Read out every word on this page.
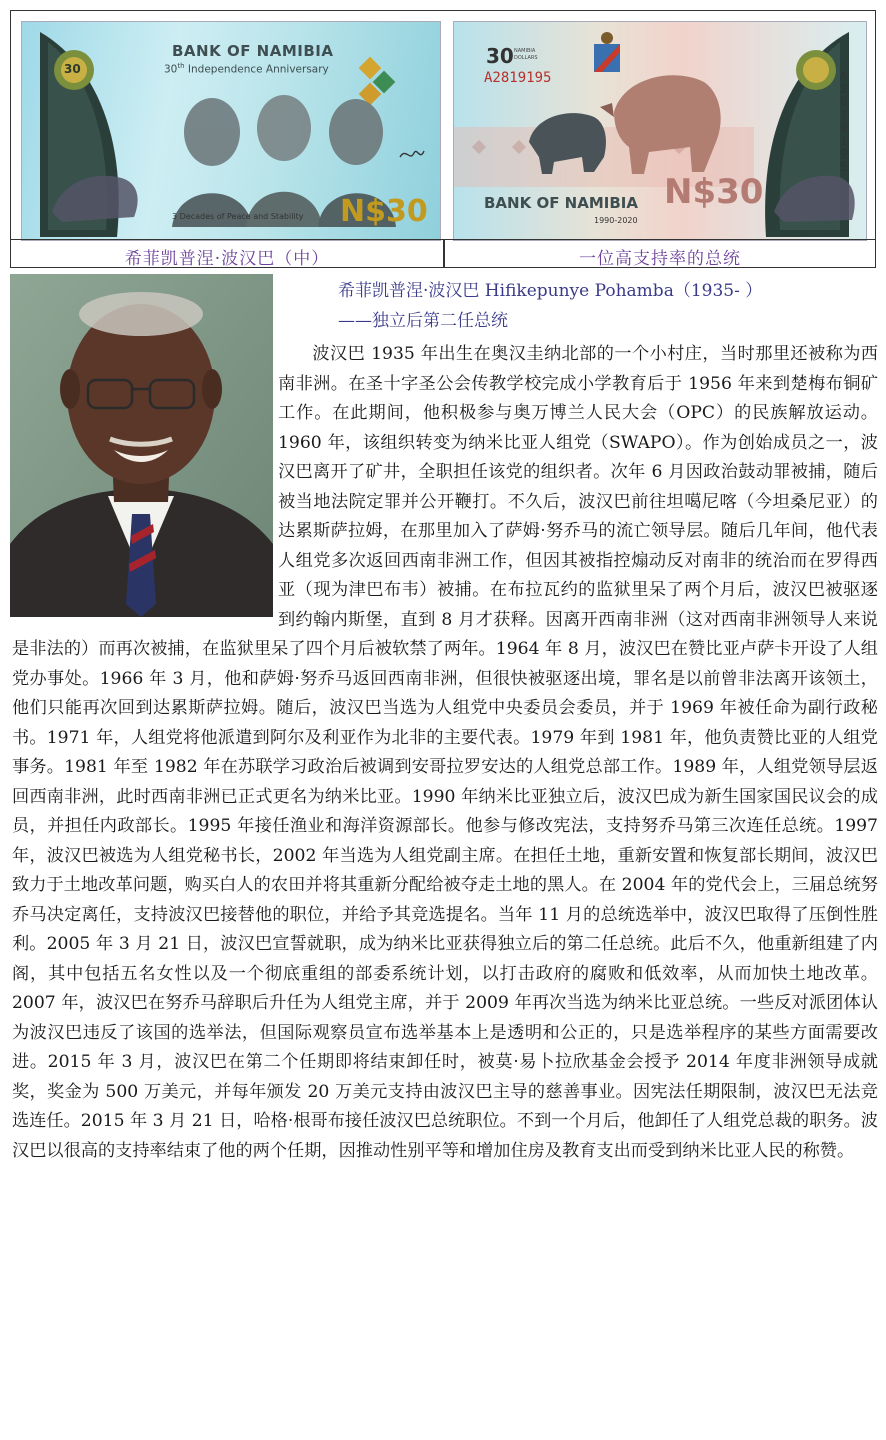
BANK OF NAMIBIA
30th Independence Anniversary
3 Decades of Peace and Stability N$30
30
30 NAMIBIA DOLLARS
A2819195	A2819195
BANK OF NAMIBIA
1990-2020
N$30
希菲凯普涅·波汉巴（中）	一位高支持率的总统
希菲凯普涅·波汉巴 Hifikepunye Pohamba（1935- ）
——独立后第二任总统

波汉巴 1935 年出生在奥汉圭纳北部的一个小村庄，当时那里还被称为西南非洲。在圣十字圣公会传教学校完成小学教育后于 1956 年来到楚梅布铜矿工作。在此期间，他积极参与奥万博兰人民大会（OPC）的民族解放运动。1960 年，该组织转变为纳米比亚人组党（SWAPO）。作为创始成员之一，波汉巴离开了矿井，全职担任该党的组织者。次年 6 月因政治鼓动罪被捕，随后被当地法院定罪并公开鞭打。不久后，波汉巴前往坦噶尼喀（今坦桑尼亚）的达累斯萨拉姆，在那里加入了萨姆·努乔马的流亡领导层。随后几年间，他代表人组党多次返回西南非洲工作，但因其被指控煽动反对南非的统治而在罗得西亚（现为津巴布韦）被捕。在布拉瓦约的监狱里呆了两个月后，波汉巴被驱逐到约翰内斯堡，直到 8 月才获释。因离开西南非洲（这对西南非洲领导人来说是非法的）而再次被捕，在监狱里呆了四个月后被软禁了两年。1964 年 8 月，波汉巴在赞比亚卢萨卡开设了人组党办事处。1966 年 3 月，他和萨姆·努乔马返回西南非洲，但很快被驱逐出境，罪名是以前曾非法离开该领土，他们只能再次回到达累斯萨拉姆。随后，波汉巴当选为人组党中央委员会委员，并于 1969 年被任命为副行政秘书。1971 年，人组党将他派遣到阿尔及利亚作为北非的主要代表。1979 年到 1981 年，他负责赞比亚的人组党事务。1981 年至 1982 年在苏联学习政治后被调到安哥拉罗安达的人组党总部工作。1989 年，人组党领导层返回西南非洲，此时西南非洲已正式更名为纳米比亚。1990 年纳米比亚独立后，波汉巴成为新生国家国民议会的成员，并担任内政部长。1995 年接任渔业和海洋资源部长。他参与修改宪法，支持努乔马第三次连任总统。1997 年，波汉巴被选为人组党秘书长，2002 年当选为人组党副主席。在担任土地，重新安置和恢复部长期间，波汉巴致力于土地改革问题，购买白人的农田并将其重新分配给被夺走土地的黑人。在 2004 年的党代会上，三届总统努乔马决定离任，支持波汉巴接替他的职位，并给予其竞选提名。当年 11 月的总统选举中，波汉巴取得了压倒性胜利。2005 年 3 月 21 日，波汉巴宣誓就职，成为纳米比亚获得独立后的第二任总统。此后不久，他重新组建了内阁，其中包括五名女性以及一个彻底重组的部委系统计划，以打击政府的腐败和低效率，从而加快土地改革。2007 年，波汉巴在努乔马辞职后升任为人组党主席，并于 2009 年再次当选为纳米比亚总统。一些反对派团体认为波汉巴违反了该国的选举法，但国际观察员宣布选举基本上是透明和公正的，只是选举程序的某些方面需要改进。2015 年 3 月，波汉巴在第二个任期即将结束卸任时，被莫·易卜拉欣基金会授予 2014 年度非洲领导成就奖，奖金为 500 万美元，并每年颁发 20 万美元支持由波汉巴主导的慈善事业。因宪法任期限制，波汉巴无法竞选连任。2015 年 3 月 21 日，哈格·根哥布接任波汉巴总统职位。不到一个月后，他卸任了人组党总裁的职务。波汉巴以很高的支持率结束了他的两个任期，因推动性别平等和增加住房及教育支出而受到纳米比亚人民的称赞。
